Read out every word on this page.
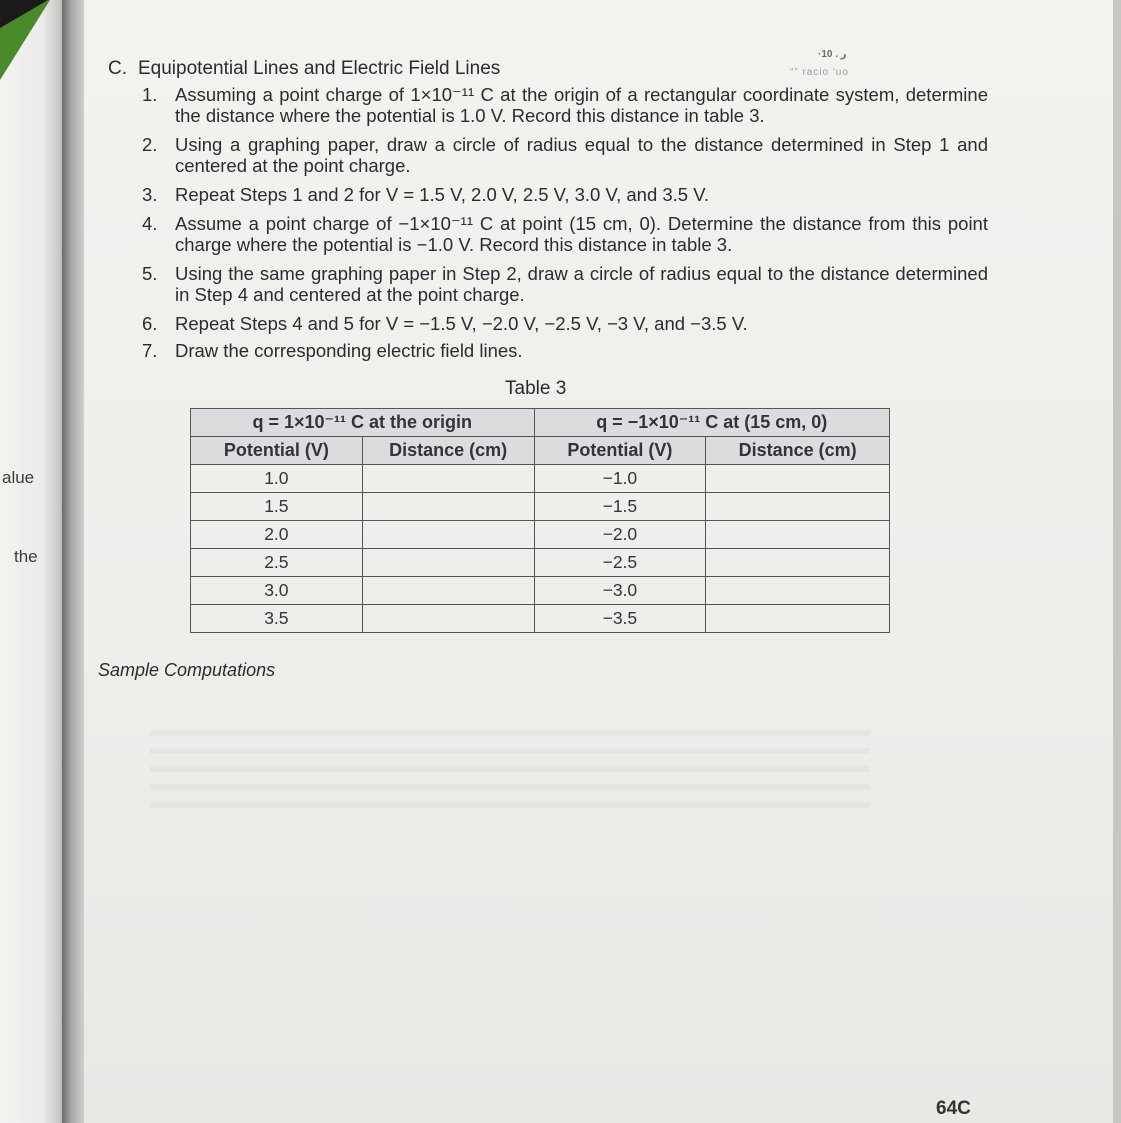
alue
the
·ر . 10
“” racio 'uo
C. Equipotential Lines and Electric Field Lines
1. Assuming a point charge of 1×10⁻¹¹ C at the origin of a rectangular coordinate system, determine the distance where the potential is 1.0 V. Record this distance in table 3.
2. Using a graphing paper, draw a circle of radius equal to the distance determined in Step 1 and centered at the point charge.
3. Repeat Steps 1 and 2 for V = 1.5 V, 2.0 V, 2.5 V, 3.0 V, and 3.5 V.
4. Assume a point charge of −1×10⁻¹¹ C at point (15 cm, 0). Determine the distance from this point charge where the potential is −1.0 V. Record this distance in table 3.
5. Using the same graphing paper in Step 2, draw a circle of radius equal to the distance determined in Step 4 and centered at the point charge.
6. Repeat Steps 4 and 5 for V = −1.5 V, −2.0 V, −2.5 V, −3 V, and −3.5 V.
7. Draw the corresponding electric field lines.
Table 3
q = 1×10⁻¹¹ C at the origin		q = −1×10⁻¹¹ C at (15 cm, 0)	
Potential (V)	Distance (cm)	Potential (V)	Distance (cm)
1.0		−1.0	
1.5		−1.5	
2.0		−2.0	
2.5		−2.5	
3.0		−3.0	
3.5		−3.5	
Sample Computations
64C
